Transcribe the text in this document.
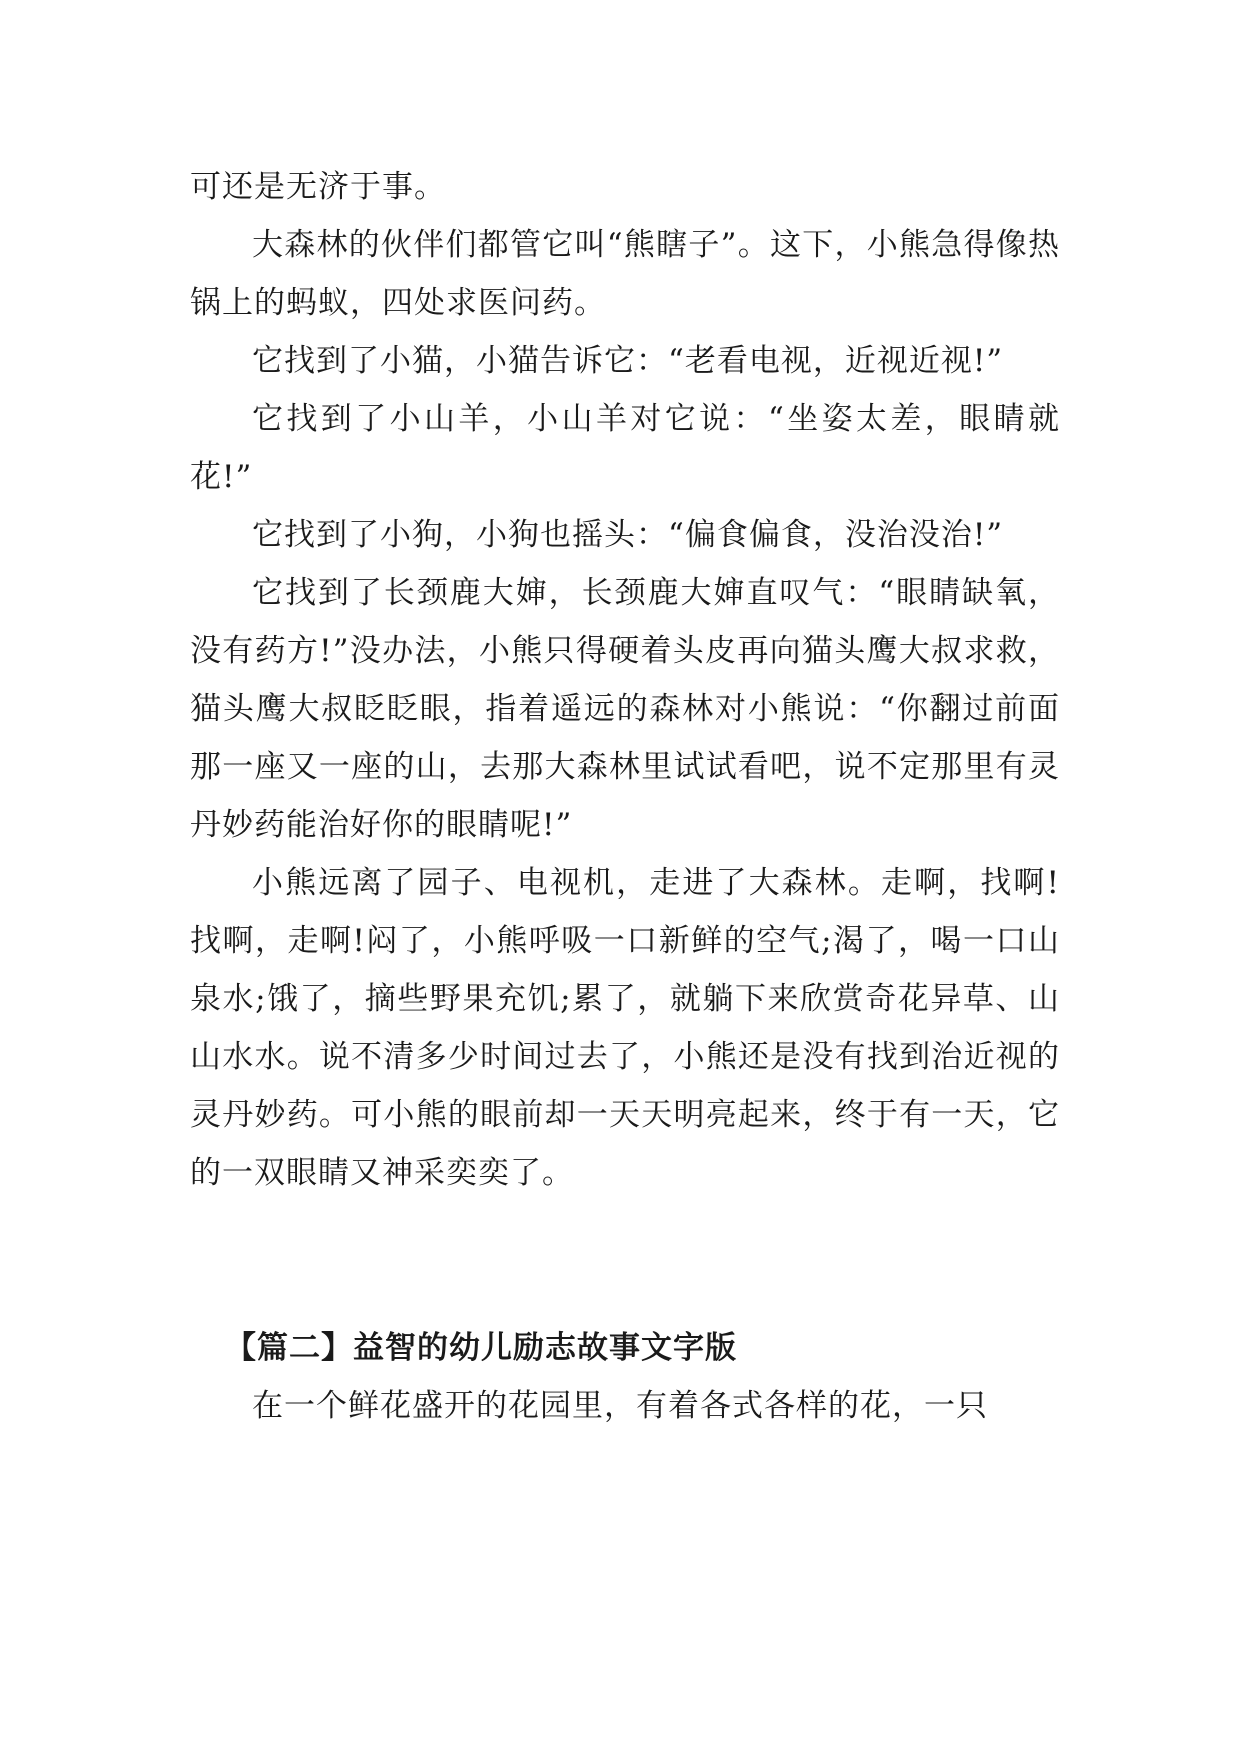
可还是无济于事。

大森林的伙伴们都管它叫“熊瞎子”。这下，小熊急得像热锅上的蚂蚁，四处求医问药。

它找到了小猫，小猫告诉它：“老看电视，近视近视!”

它找到了小山羊，小山羊对它说：“坐姿太差，眼睛就花!”

它找到了小狗，小狗也摇头：“偏食偏食，没治没治!”

它找到了长颈鹿大婶，长颈鹿大婶直叹气：“眼睛缺氧，没有药方!”没办法，小熊只得硬着头皮再向猫头鹰大叔求救，猫头鹰大叔眨眨眼，指着遥远的森林对小熊说：“你翻过前面那一座又一座的山，去那大森林里试试看吧，说不定那里有灵丹妙药能治好你的眼睛呢!”

小熊远离了园子、电视机，走进了大森林。走啊，找啊!找啊，走啊!闷了，小熊呼吸一口新鲜的空气;渴了，喝一口山泉水;饿了，摘些野果充饥;累了，就躺下来欣赏奇花异草、山山水水。说不清多少时间过去了，小熊还是没有找到治近视的灵丹妙药。可小熊的眼前却一天天明亮起来，终于有一天，它的一双眼睛又神采奕奕了。

【篇二】益智的幼儿励志故事文字版

在一个鲜花盛开的花园里，有着各式各样的花，一只
